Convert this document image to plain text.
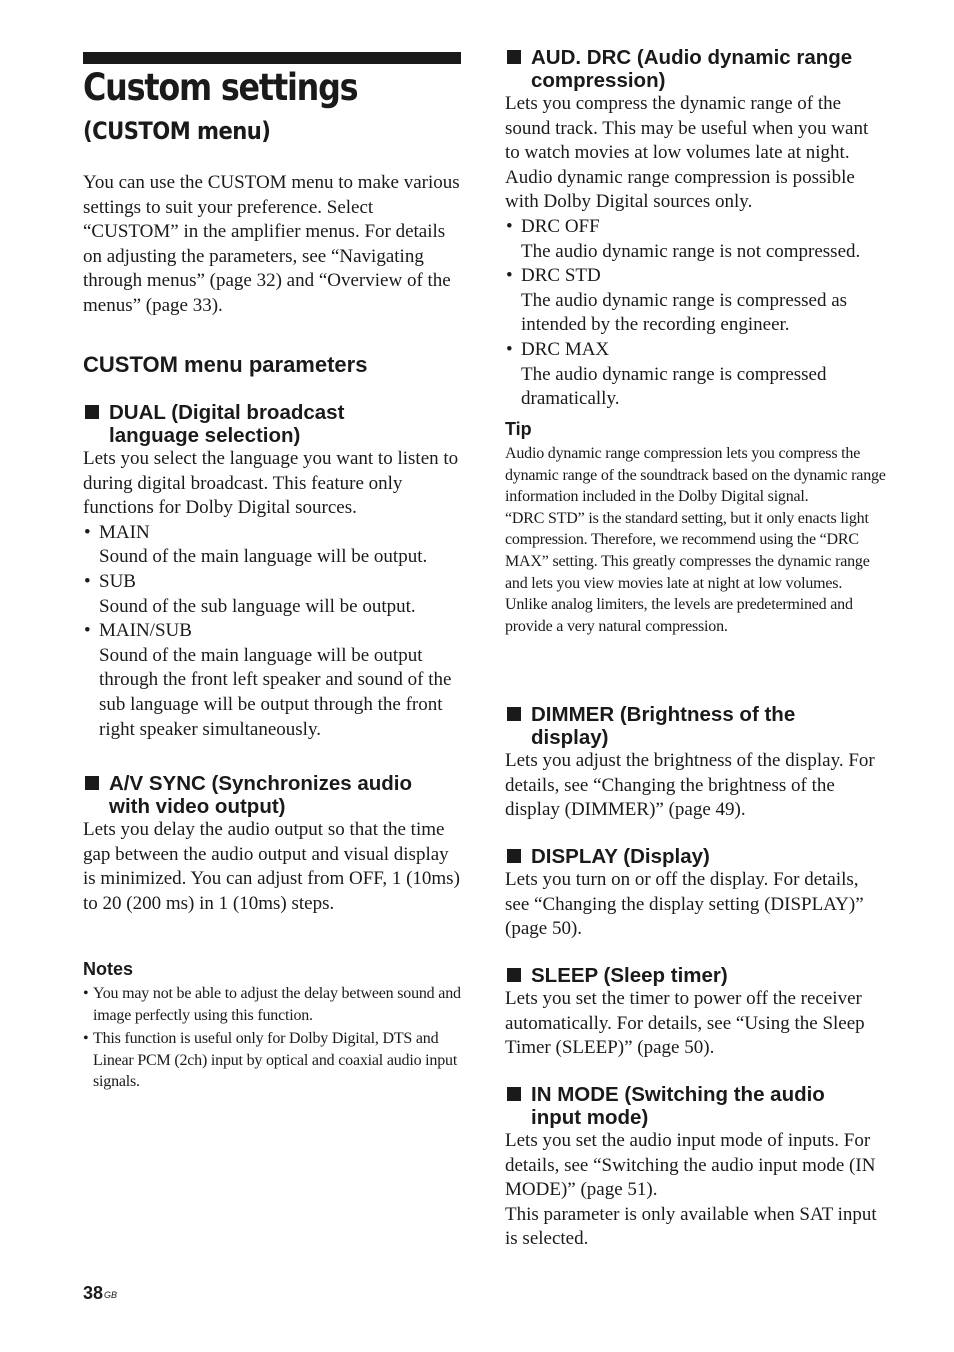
Custom settings
(CUSTOM menu)

You can use the CUSTOM menu to make various settings to suit your preference. Select “CUSTOM” in the amplifier menus. For details on adjusting the parameters, see “Navigating through menus” (page 32) and “Overview of the menus” (page 33).

CUSTOM menu parameters
DUAL (Digital broadcast
language selection)

Lets you select the language you want to listen to during digital broadcast. This feature only functions for Dolby Digital sources.

• MAIN
Sound of the main language will be output.
• SUB
Sound of the sub language will be output.
• MAIN/SUB
Sound of the main language will be output through the front left speaker and sound of the sub language will be output through the front right speaker simultaneously.
A/V SYNC (Synchronizes audio
with video output)

Lets you delay the audio output so that the time gap between the audio output and visual display is minimized. You can adjust from OFF, 1 (10ms) to 20 (200 ms) in 1 (10ms) steps.

Notes
• You may not be able to adjust the delay between sound and image perfectly using this function.
• This function is useful only for Dolby Digital, DTS and Linear PCM (2ch) input by optical and coaxial audio input signals.
AUD. DRC (Audio dynamic range
compression)

Lets you compress the dynamic range of the sound track. This may be useful when you want to watch movies at low volumes late at night. Audio dynamic range compression is possible with Dolby Digital sources only.

• DRC OFF
The audio dynamic range is not compressed.
• DRC STD
The audio dynamic range is compressed as intended by the recording engineer.
• DRC MAX
The audio dynamic range is compressed dramatically.
Tip

Audio dynamic range compression lets you compress the dynamic range of the soundtrack based on the dynamic range information included in the Dolby Digital signal.

“DRC STD” is the standard setting, but it only enacts light compression. Therefore, we recommend using the “DRC MAX” setting. This greatly compresses the dynamic range and lets you view movies late at night at low volumes. Unlike analog limiters, the levels are predetermined and provide a very natural compression.

DIMMER (Brightness of the
display)

Lets you adjust the brightness of the display. For details, see “Changing the brightness of the display (DIMMER)” (page 49).

DISPLAY (Display)

Lets you turn on or off the display. For details, see “Changing the display setting (DISPLAY)” (page 50).

SLEEP (Sleep timer)

Lets you set the timer to power off the receiver automatically. For details, see “Using the Sleep Timer (SLEEP)” (page 50).

IN MODE (Switching the audio
input mode)

Lets you set the audio input mode of inputs. For details, see “Switching the audio input mode (IN MODE)” (page 51).

This parameter is only available when SAT input is selected.

$38^{GB}$
